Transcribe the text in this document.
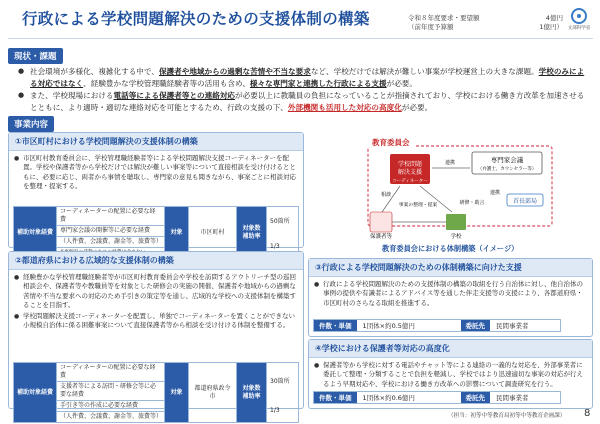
行政による学校問題解決のための支援体制の構築	令和８年度要求・要望額	4億円
（前年度予算額	1億円）	文部科学省
現状・課題
● 社会環境が多様化、複雑化する中で、保護者や地域からの過剰な苦情や不当な要求など、学校だけでは解決が難しい事案が学校運営上の大きな課題。学校のみによる対応ではなく、経験豊かな学校管理職経験者等の活用も含め、様々な専門家と連携した行政による支援が必要。
● また、学校現場における電話等による保護者等との連絡対応が必要以上に教職員の負担になっていることが指摘されており、学校における働き方改革を加速させるとともに、より適時・適切な連絡対応を可能とするため、行政の支援の下、外部機関も活用した対応の高度化が必要。
事業内容
①市区町村における学校問題解決の支援体制の構築

● 市区町村教育委員会に、学校管理職経験者等による学校問題解決支援コーディネーターを配置。学校や保護者等から学校だけでは解決が難しい事案等について直接相談を受け付けるとともに、必要に応じ、両者から事情を聴取し、専門家の意見も聞きながら、事案ごとに相談対応を整理・提案する。

補助対象経費	コーディネーターの配置に必要な経費	対象	市区町村	対象数補助率	50箇所
	専門家会議の開催等に必要な経費				
	（人件費、会議費、謝金等、旅費等）				1/3

②都道府県における広域的な支援体制の構築

● 経験豊かな学校管理職経験者等が市区町村教育委員会や学校を訪問するアウトリーチ型の巡回相談会や、保護者等や教職員等を対象とした研修会の実施の開催、保護者や地域からの過剰な苦情や不当な要求への対応のため手引きの策定等を通し、広域的な学校への支援体制を構築することを目指す。

● 学校問題解決支援コーディネーターを配置し、単独でコーディネーターを置くことができない小規模自治体に係る困難事案について直接保護者等から相談を受け付ける体制を整備する。

補助対象経費	コーディネーターの配置に必要な経費	対象	都道府県政令市	対象数補助率	30箇所
	支援者等による訪問・研修会等に必要な経費				
	手引き等の作成に必要な経費				1/3
	（人件費、会議費、謝金等、旅費等）				
教育委員会
学校問題
解決支援
コーディネーター
専門家会議
（弁護士、カウンセラー等）
連携
首長部局
連携
保護者等	学校
相談
事案の整理・提案	研修・助言
教育委員会における体制構築（イメージ）
③行政による学校問題解決のための体制構築に向けた支援

● 行政による学校問題解決のための支援体制の構築の取組を行う自治体に対し、他自治体の事例の提供や有識者によるアドバイス等を通した伴走支援等の支援により、各都道府県・市区町村のさらなる取組を推進する。

件数・単価	1団体×約0.5億円	委託先	民間事業者
④学校における保護者等対応の高度化

● 保護者等から学校に対する電話やチャット等による連絡の一義的な対応を、外部事業者に委託して整理・分類することで負担を軽減し、学校ではより迅速適切な事案の対応が行えるよう早期対応や、学校における働き方改革への影響について調査研究を行う。

件数・単価	1団体×約0.6億円	委託先	民間事業者
（担当：初等中等教育局初等中等教育企画課） 8
